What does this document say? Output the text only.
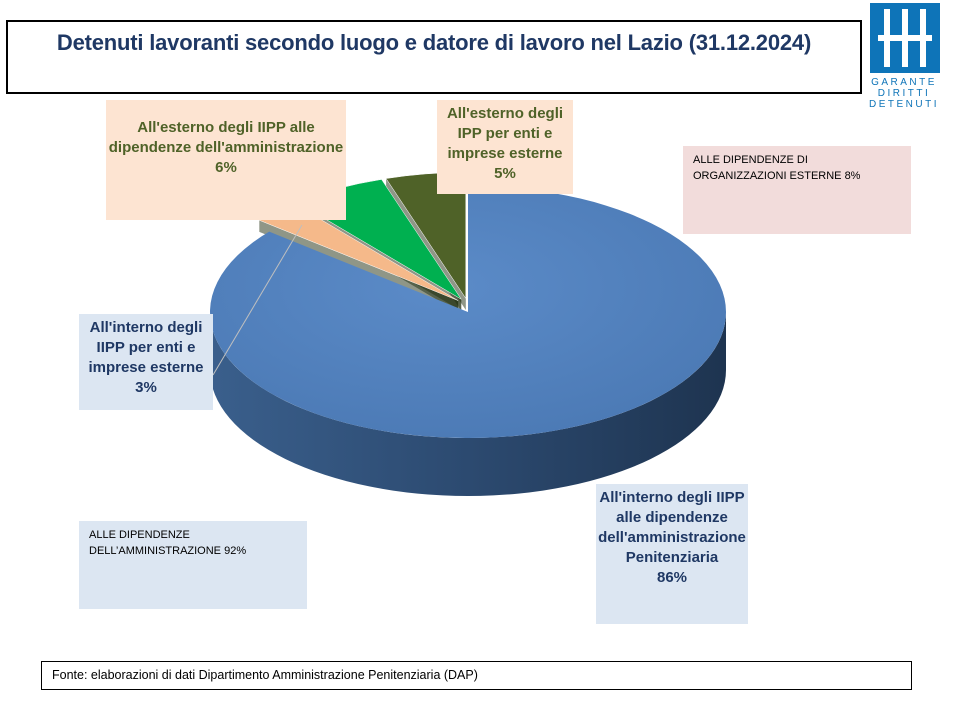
Detenuti lavoranti secondo luogo e datore di lavoro nel Lazio (31.12.2024)
GARANTE
DIRITTI
DETENUTI
All'esterno degli IIPP alle dipendenze dell'amministrazione
6%
All'esterno degli IPP per enti e imprese esterne
5%
All'interno degli IIPP per enti e imprese esterne
3%
All'interno degli IIPP alle dipendenze dell'amministrazione Penitenziaria
86%
ALLE DIPENDENZE DI ORGANIZZAZIONI ESTERNE 8%
ALLE DIPENDENZE DELL’AMMINISTRAZIONE 92%
Fonte: elaborazioni di dati Dipartimento Amministrazione Penitenziaria (DAP)
